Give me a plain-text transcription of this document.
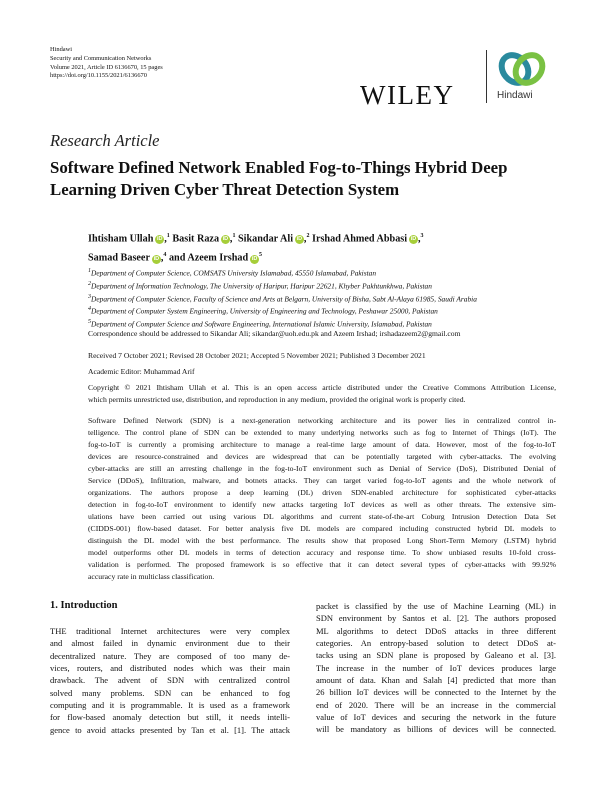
Hindawi
Security and Communication Networks
Volume 2021, Article ID 6136670, 15 pages
https://doi.org/10.1155/2021/6136670
WILEY	Hindawi
Research Article
Software Defined Network Enabled Fog-to-Things Hybrid Deep
Learning Driven Cyber Threat Detection System
Ihtisham Ullah  iD ,$^1$ Basit Raza  iD ,$^1$ Sikandar Ali  iD ,$^2$ Irshad Ahmed Abbasi  iD ,$^3$
Samad Baseer  iD ,$^4$ and Azeem Irshad  $iD^5$
$^1$Department of Computer Science, COMSATS University Islamabad, 45550 Islamabad, Pakistan
$^2$Department of Information Technology, The University of Haripur, Haripur 22621, Khyber Pakhtunkhwa, Pakistan
$^3$Department of Computer Science, Faculty of Science and Arts at Belgarn, University of Bisha, Sabt Al-Alaya 61985, Saudi Arabia
$^4$Department of Computer System Engineering, University of Engineering and Technology, Peshawar 25000, Pakistan
$^5$Department of Computer Science and Software Engineering, International Islamic University, Islamabad, Pakistan
Correspondence should be addressed to Sikandar Ali; sikandar@uoh.edu.pk and Azeem Irshad; irshadazeem2@gmail.com
Received 7 October 2021; Revised 28 October 2021; Accepted 5 November 2021; Published 3 December 2021
Academic Editor: Muhammad Arif
Copyright © 2021 Ihtisham Ullah et al. This is an open access article distributed under the Creative Commons Attribution License,
which permits unrestricted use, distribution, and reproduction in any medium, provided the original work is properly cited.
Software Defined Network (SDN) is a next-generation networking architecture and its power lies in centralized control in-
telligence. The control plane of SDN can be extended to many underlying networks such as fog to Internet of Things (IoT). The
fog-to-IoT is currently a promising architecture to manage a real-time large amount of data. However, most of the fog-to-IoT
devices are resource-constrained and devices are widespread that can be potentially targeted with cyber-attacks. The evolving
cyber-attacks are still an arresting challenge in the fog-to-IoT environment such as Denial of Service (DoS), Distributed Denial of
Service (DDoS), Infiltration, malware, and botnets attacks. They can target varied fog-to-IoT agents and the whole network of
organizations. The authors propose a deep learning (DL) driven SDN-enabled architecture for sophisticated cyber-attacks
detection in fog-to-IoT environment to identify new attacks targeting IoT devices as well as other threats. The extensive sim-
ulations have been carried out using various DL algorithms and current state-of-the-art Coburg Intrusion Detection Data Set
(CIDDS-001) flow-based dataset. For better analysis five DL models are compared including constructed hybrid DL models to
distinguish the DL model with the best performance. The results show that proposed Long Short-Term Memory (LSTM) hybrid
model outperforms other DL models in terms of detection accuracy and response time. To show unbiased results 10-fold cross-
validation is performed. The proposed framework is so effective that it can detect several types of cyber-attacks with 99.92%
accuracy rate in multiclass classification.
1. Introduction
THE traditional Internet architectures were very complex
and almost failed in dynamic environment due to their
decentralized nature. They are composed of too many de-
vices, routers, and distributed nodes which was their main
drawback. The advent of SDN with centralized control
solved many problems. SDN can be enhanced to fog
computing and it is programmable. It is used as a framework
for flow-based anomaly detection but still, it needs intelli-
gence to avoid attacks presented by Tan et al. [1]. The attack
packet is classified by the use of Machine Learning (ML) in
SDN environment by Santos et al. [2]. The authors proposed
ML algorithms to detect DDoS attacks in three different
categories. An entropy-based solution to detect DDoS at-
tacks using an SDN plane is proposed by Galeano et al. [3].
The increase in the number of IoT devices produces large
amount of data. Khan and Salah [4] predicted that more than
26 billion IoT devices will be connected to the Internet by the
end of 2020. There will be an increase in the commercial
value of IoT devices and securing the network in the future
will be mandatory as billions of devices will be connected.
